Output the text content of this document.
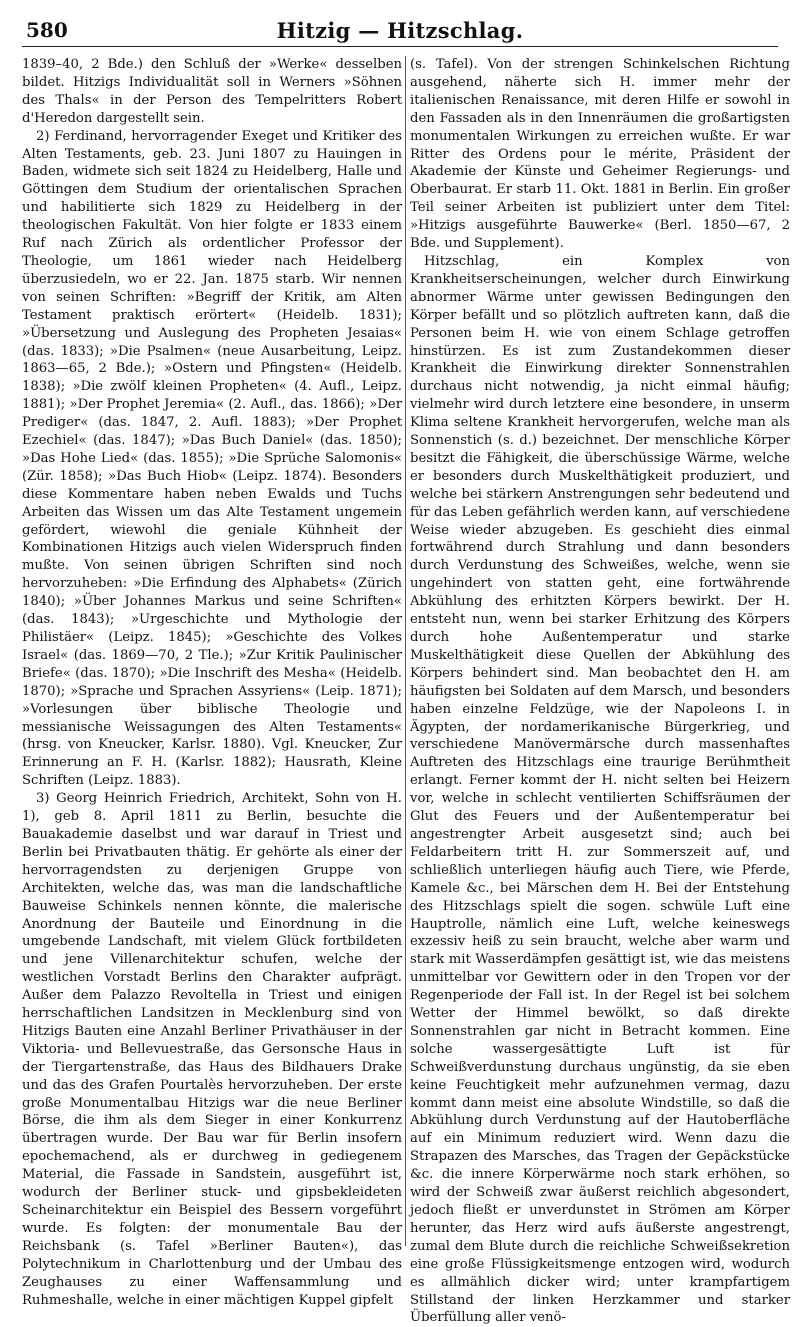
580	Hitzig — Hitzschlag.

1839–40, 2 Bde.) den Schluß der »Werke« desselben bildet. Hitzigs Individualität soll in Werners »Söhnen des Thals« in der Person des Tempelritters Robert d'Heredon dargestellt sein.

2) Ferdinand, hervorragender Exeget und Kritiker des Alten Testaments, geb. 23. Juni 1807 zu Hauingen in Baden, widmete sich seit 1824 zu Heidelberg, Halle und Göttingen dem Studium der orientalischen Sprachen und habilitierte sich 1829 zu Heidelberg in der theologischen Fakultät. Von hier folgte er 1833 einem Ruf nach Zürich als ordentlicher Professor der Theologie, um 1861 wieder nach Heidelberg überzusiedeln, wo er 22. Jan. 1875 starb. Wir nennen von seinen Schriften: »Begriff der Kritik, am Alten Testament praktisch erörtert« (Heidelb. 1831); »Übersetzung und Auslegung des Propheten Jesaias« (das. 1833); »Die Psalmen« (neue Ausarbeitung, Leipz. 1863—65, 2 Bde.); »Ostern und Pfingsten« (Heidelb. 1838); »Die zwölf kleinen Propheten« (4. Aufl., Leipz. 1881); »Der Prophet Jeremia« (2. Aufl., das. 1866); »Der Prediger« (das. 1847, 2. Aufl. 1883); »Der Prophet Ezechiel« (das. 1847); »Das Buch Daniel« (das. 1850); »Das Hohe Lied« (das. 1855); »Die Sprüche Salomonis« (Zür. 1858); »Das Buch Hiob« (Leipz. 1874). Besonders diese Kommentare haben neben Ewalds und Tuchs Arbeiten das Wissen um das Alte Testament ungemein gefördert, wiewohl die geniale Kühnheit der Kombinationen Hitzigs auch vielen Widerspruch finden mußte. Von seinen übrigen Schriften sind noch hervorzuheben: »Die Erfindung des Alphabets« (Zürich 1840); »Über Johannes Markus und seine Schriften« (das. 1843); »Urgeschichte und Mythologie der Philistäer« (Leipz. 1845); »Geschichte des Volkes Israel« (das. 1869—70, 2 Tle.); »Zur Kritik Paulinischer Briefe« (das. 1870); »Die Inschrift des Mesha« (Heidelb. 1870); »Sprache und Sprachen Assyriens« (Leip. 1871); »Vorlesungen über biblische Theologie und messianische Weissagungen des Alten Testaments« (hrsg. von Kneucker, Karlsr. 1880). Vgl. Kneucker, Zur Erinnerung an F. H. (Karlsr. 1882); Hausrath, Kleine Schriften (Leipz. 1883).

3) Georg Heinrich Friedrich, Architekt, Sohn von H. 1), geb 8. April 1811 zu Berlin, besuchte die Bauakademie daselbst und war darauf in Triest und Berlin bei Privatbauten thätig. Er gehörte als einer der hervorragendsten zu derjenigen Gruppe von Architekten, welche das, was man die landschaftliche Bauweise Schinkels nennen könnte, die malerische Anordnung der Bauteile und Einordnung in die umgebende Landschaft, mit vielem Glück fortbildeten und jene Villenarchitektur schufen, welche der westlichen Vorstadt Berlins den Charakter aufprägt. Außer dem Palazzo Revoltella in Triest und einigen herrschaftlichen Landsitzen in Mecklenburg sind von Hitzigs Bauten eine Anzahl Berliner Privathäuser in der Viktoria- und Bellevuestraße, das Gersonsche Haus in der Tiergartenstraße, das Haus des Bildhauers Drake und das des Grafen Pourtalès hervorzuheben. Der erste große Monumentalbau Hitzigs war die neue Berliner Börse, die ihm als dem Sieger in einer Konkurrenz übertragen wurde. Der Bau war für Berlin insofern epochemachend, als er durchweg in gediegenem Material, die Fassade in Sandstein, ausgeführt ist, wodurch der Berliner stuck- und gipsbekleideten Scheinarchitektur ein Beispiel des Bessern vorgeführt wurde. Es folgten: der monumentale Bau der Reichsbank (s. Tafel »Berliner Bauten«), das Polytechnikum in Charlottenburg und der Umbau des Zeughauses zu einer Waffensammlung und Ruhmeshalle, welche in einer mächtigen Kuppel gipfelt

(s. Tafel). Von der strengen Schinkelschen Richtung ausgehend, näherte sich H. immer mehr der italienischen Renaissance, mit deren Hilfe er sowohl in den Fassaden als in den Innenräumen die großartigsten monumentalen Wirkungen zu erreichen wußte. Er war Ritter des Ordens pour le mérite, Präsident der Akademie der Künste und Geheimer Regierungs- und Oberbaurat. Er starb 11. Okt. 1881 in Berlin. Ein großer Teil seiner Arbeiten ist publiziert unter dem Titel: »Hitzigs ausgeführte Bauwerke« (Berl. 1850—67, 2 Bde. und Supplement).

Hitzschlag, ein Komplex von Krankheitserscheinungen, welcher durch Einwirkung abnormer Wärme unter gewissen Bedingungen den Körper befällt und so plötzlich auftreten kann, daß die Personen beim H. wie von einem Schlage getroffen hinstürzen. Es ist zum Zustandekommen dieser Krankheit die Einwirkung direkter Sonnenstrahlen durchaus nicht notwendig, ja nicht einmal häufig; vielmehr wird durch letztere eine besondere, in unserm Klima seltene Krankheit hervorgerufen, welche man als Sonnenstich (s. d.) bezeichnet. Der menschliche Körper besitzt die Fähigkeit, die überschüssige Wärme, welche er besonders durch Muskelthätigkeit produziert, und welche bei stärkern Anstrengungen sehr bedeutend und für das Leben gefährlich werden kann, auf verschiedene Weise wieder abzugeben. Es geschieht dies einmal fortwährend durch Strahlung und dann besonders durch Verdunstung des Schweißes, welche, wenn sie ungehindert von statten geht, eine fortwährende Abkühlung des erhitzten Körpers bewirkt. Der H. entsteht nun, wenn bei starker Erhitzung des Körpers durch hohe Außentemperatur und starke Muskelthätigkeit diese Quellen der Abkühlung des Körpers behindert sind. Man beobachtet den H. am häufigsten bei Soldaten auf dem Marsch, und besonders haben einzelne Feldzüge, wie der Napoleons I. in Ägypten, der nordamerikanische Bürgerkrieg, und verschiedene Manövermärsche durch massenhaftes Auftreten des Hitzschlags eine traurige Berühmtheit erlangt. Ferner kommt der H. nicht selten bei Heizern vor, welche in schlecht ventilierten Schiffsräumen der Glut des Feuers und der Außentemperatur bei angestrengter Arbeit ausgesetzt sind; auch bei Feldarbeitern tritt H. zur Sommerszeit auf, und schließlich unterliegen häufig auch Tiere, wie Pferde, Kamele &c., bei Märschen dem H. Bei der Entstehung des Hitzschlags spielt die sogen. schwüle Luft eine Hauptrolle, nämlich eine Luft, welche keineswegs exzessiv heiß zu sein braucht, welche aber warm und stark mit Wasserdämpfen gesättigt ist, wie das meistens unmittelbar vor Gewittern oder in den Tropen vor der Regenperiode der Fall ist. In der Regel ist bei solchem Wetter der Himmel bewölkt, so daß direkte Sonnenstrahlen gar nicht in Betracht kommen. Eine solche wassergesättigte Luft ist für Schweißverdunstung durchaus ungünstig, da sie eben keine Feuchtigkeit mehr aufzunehmen vermag, dazu kommt dann meist eine absolute Windstille, so daß die Abkühlung durch Verdunstung auf der Hautoberfläche auf ein Minimum reduziert wird. Wenn dazu die Strapazen des Marsches, das Tragen der Gepäckstücke &c. die innere Körperwärme noch stark erhöhen, so wird der Schweiß zwar äußerst reichlich abgesondert, jedoch fließt er unverdunstet in Strömen am Körper herunter, das Herz wird aufs äußerste angestrengt, zumal dem Blute durch die reichliche Schweißsekretion eine große Flüssigkeitsmenge entzogen wird, wodurch es allmählich dicker wird; unter krampfartigem Stillstand der linken Herzkammer und starker Überfüllung aller venö-
